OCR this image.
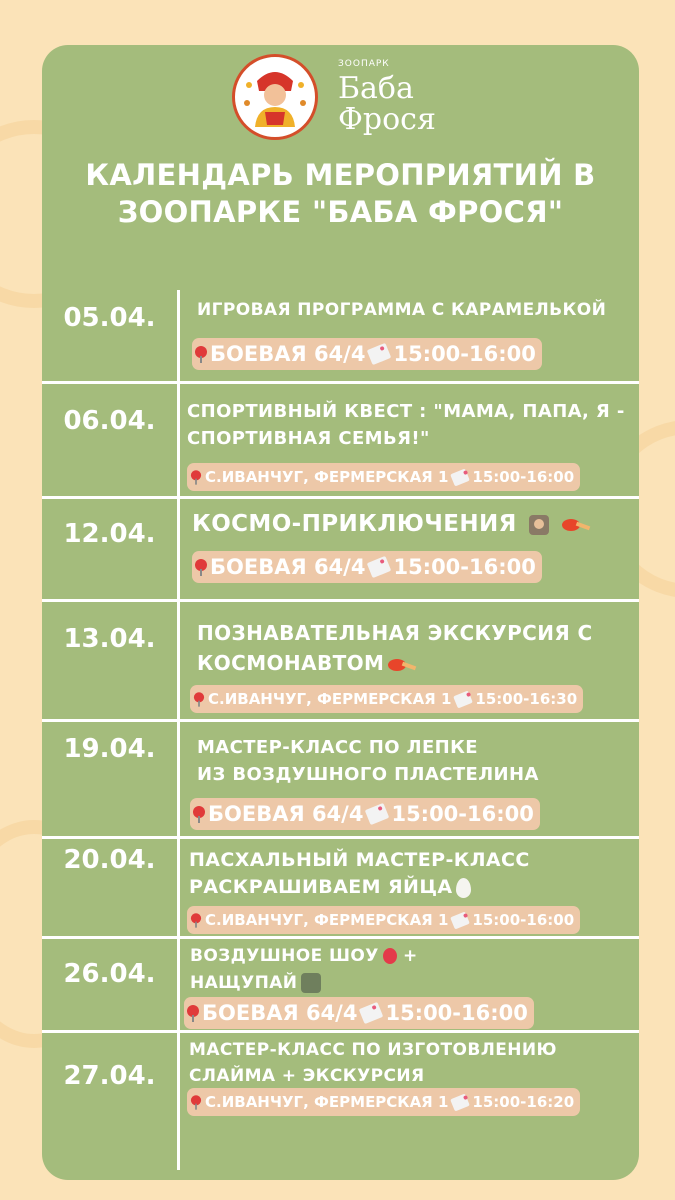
ЗООПАРК
Баба
Фрося
КАЛЕНДАРЬ МЕРОПРИЯТИЙ В
ЗООПАРКЕ "БАБА ФРОСЯ"
05.04.	ИГРОВАЯ ПРОГРАММА С КАРАМЕЛЬКОЙ
БОЕВАЯ 64/4 15:00-16:00
06.04.	СПОРТИВНЫЙ КВЕСТ : "МАМА, ПАПА, Я -
СПОРТИВНАЯ СЕМЬЯ!"
С.ИВАНЧУГ, ФЕРМЕРСКАЯ 1 15:00-16:00
12.04.	КОСМО-ПРИКЛЮЧЕНИЯ
БОЕВАЯ 64/4 15:00-16:00
13.04.	ПОЗНАВАТЕЛЬНАЯ ЭКСКУРСИЯ С
КОСМОНАВТОМ
С.ИВАНЧУГ, ФЕРМЕРСКАЯ 1 15:00-16:30
19.04.	МАСТЕР-КЛАСС ПО ЛЕПКЕ
ИЗ ВОЗДУШНОГО ПЛАСТЕЛИНА
БОЕВАЯ 64/4 15:00-16:00
20.04.	ПАСХАЛЬНЫЙ МАСТЕР-КЛАСС
РАСКРАШИВАЕМ ЯЙЦА
С.ИВАНЧУГ, ФЕРМЕРСКАЯ 1 15:00-16:00
26.04.
ВОЗДУШНОЕ ШОУ +
НАЩУПАЙ
БОЕВАЯ 64/4 15:00-16:00
27.04.
МАСТЕР-КЛАСС ПО ИЗГОТОВЛЕНИЮ
СЛАЙМА + ЭКСКУРСИЯ
С.ИВАНЧУГ, ФЕРМЕРСКАЯ 1 15:00-16:20
